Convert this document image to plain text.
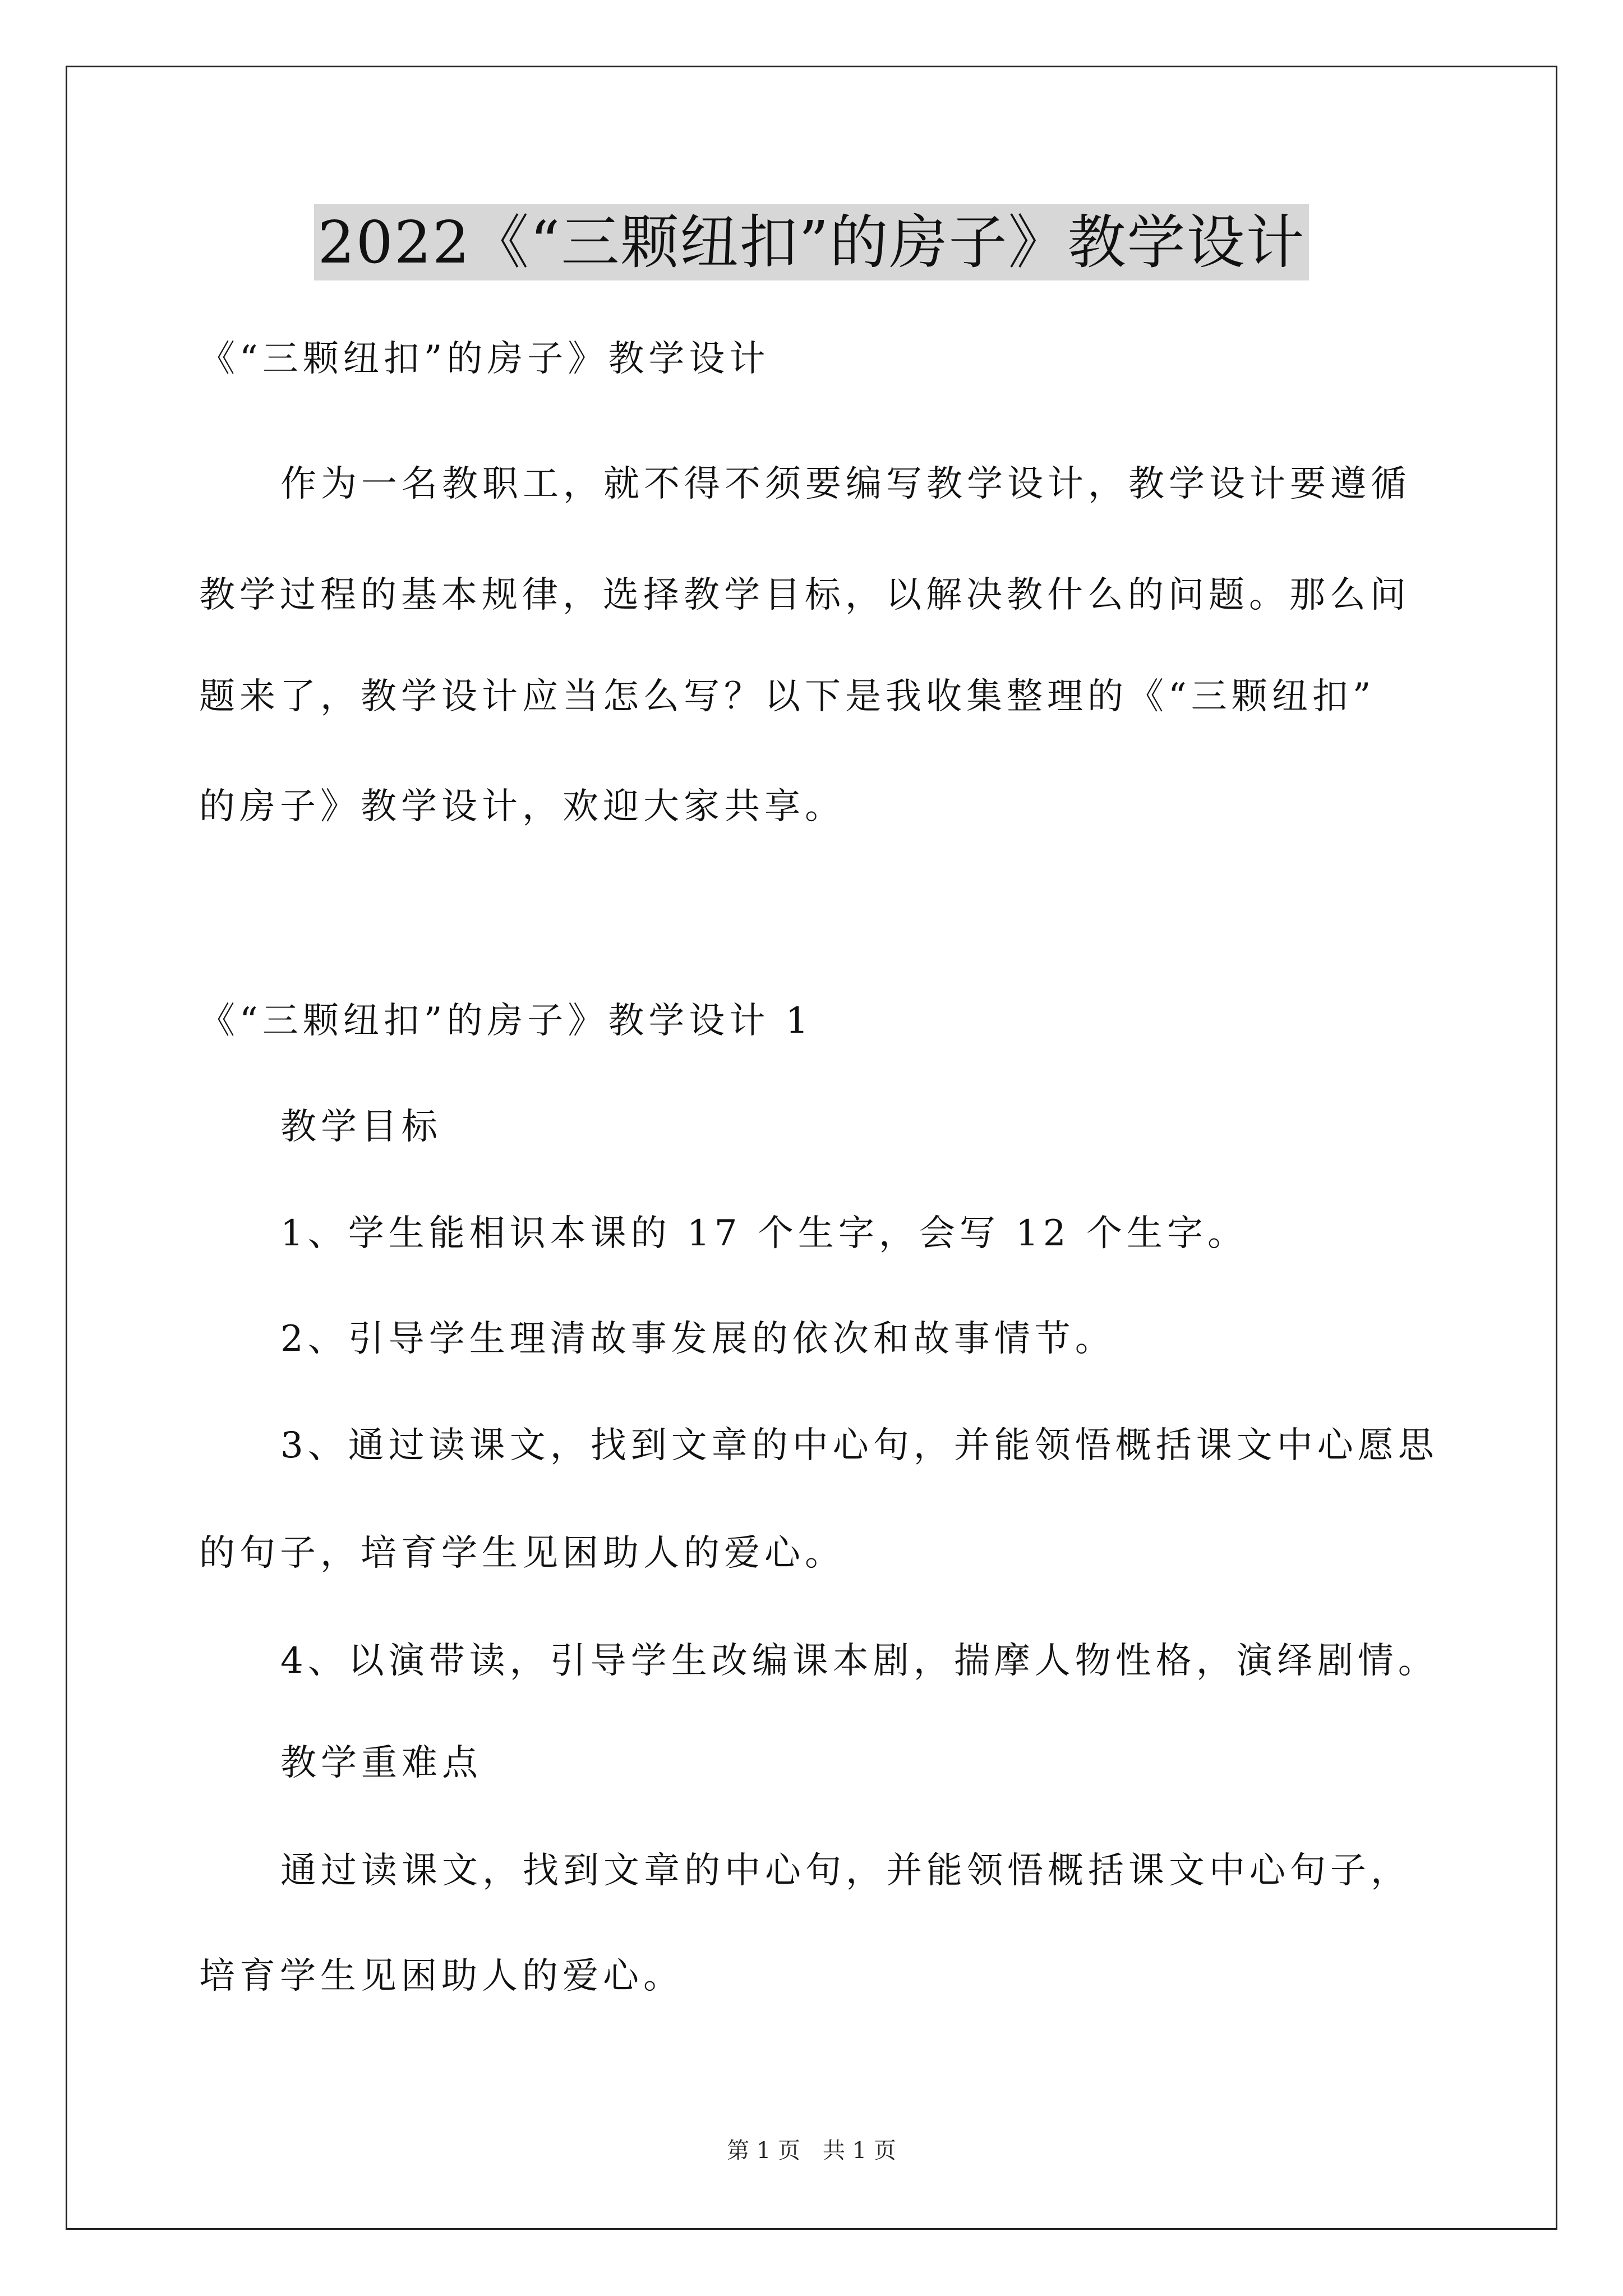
2022《“三颗纽扣”的房子》教学设计
《“三颗纽扣”的房子》教学设计
作为一名教职工，就不得不须要编写教学设计，教学设计要遵循
教学过程的基本规律，选择教学目标，以解决教什么的问题。那么问
题来了，教学设计应当怎么写？以下是我收集整理的《“三颗纽扣”
的房子》教学设计，欢迎大家共享。
《“三颗纽扣”的房子》教学设计 1
教学目标
1、学生能相识本课的 17 个生字，会写 12 个生字。
2、引导学生理清故事发展的依次和故事情节。
3、通过读课文，找到文章的中心句，并能领悟概括课文中心愿思
的句子，培育学生见困助人的爱心。
4、以演带读，引导学生改编课本剧，揣摩人物性格，演绎剧情。
教学重难点
通过读课文，找到文章的中心句，并能领悟概括课文中心句子，
培育学生见困助人的爱心。
第 1 页　共 1 页
